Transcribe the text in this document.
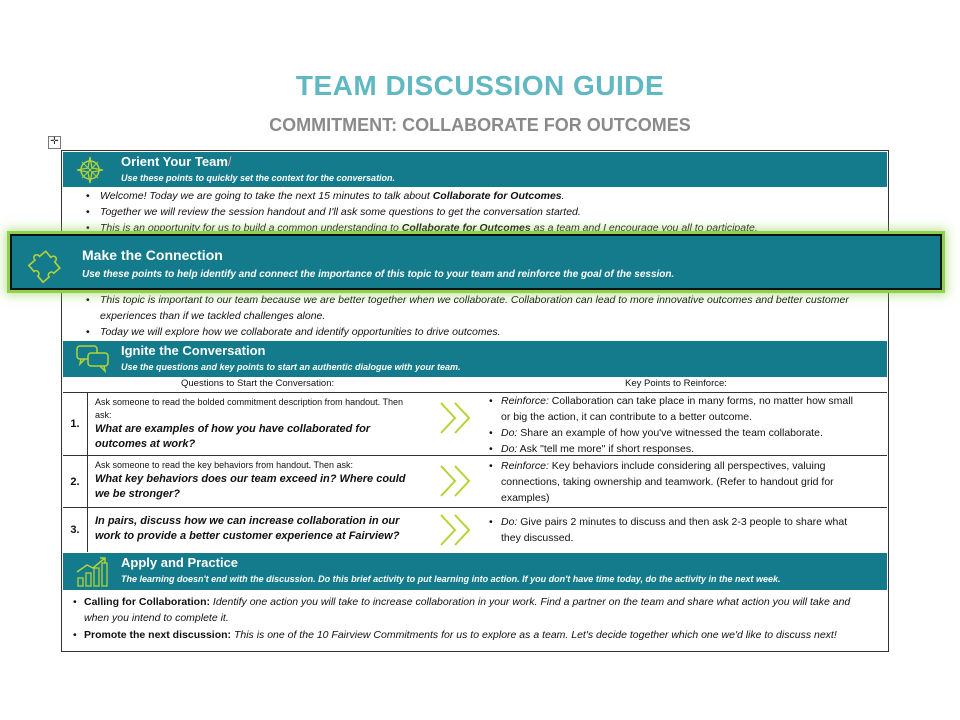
TEAM DISCUSSION GUIDE
COMMITMENT: COLLABORATE FOR OUTCOMES
✛
Orient Your Team/
Use these points to quickly set the context for the conversation.
• Welcome! Today we are going to take the next 15 minutes to talk about Collaborate for Outcomes.
• Together we will review the session handout and I'll ask some questions to get the conversation started.
• This is an opportunity for us to build a common understanding to Collaborate for Outcomes as a team and I encourage you all to participate.
• This topic is important to our team because we are better together when we collaborate. Collaboration can lead to more innovative outcomes and better customer experiences than if we tackled challenges alone.
• Today we will explore how we collaborate and identify opportunities to drive outcomes.
Ignite the Conversation
Use the questions and key points to start an authentic dialogue with your team.
Questions to Start the Conversation:	Key Points to Reinforce:
1.
Ask someone to read the bolded commitment description from handout. Then ask:
What are examples of how you have collaborated for outcomes at work?
• Reinforce: Collaboration can take place in many forms, no matter how small or big the action, it can contribute to a better outcome.
• Do: Share an example of how you've witnessed the team collaborate.
• Do: Ask "tell me more" if short responses.
2.
Ask someone to read the key behaviors from handout. Then ask:
What key behaviors does our team exceed in? Where could we be stronger?
• Reinforce: Key behaviors include considering all perspectives, valuing connections, taking ownership and teamwork. (Refer to handout grid for examples)
3.
In pairs, discuss how we can increase collaboration in our work to provide a better customer experience at Fairview?
• Do: Give pairs 2 minutes to discuss and then ask 2-3 people to share what they discussed.
Apply and Practice
The learning doesn't end with the discussion. Do this brief activity to put learning into action. If you don't have time today, do the activity in the next week.
• Calling for Collaboration: Identify one action you will take to increase collaboration in your work. Find a partner on the team and share what action you will take and when you intend to complete it.
• Promote the next discussion: This is one of the 10 Fairview Commitments for us to explore as a team. Let's decide together which one we'd like to discuss next!
Make the Connection
Use these points to help identify and connect the importance of this topic to your team and reinforce the goal of the session.
